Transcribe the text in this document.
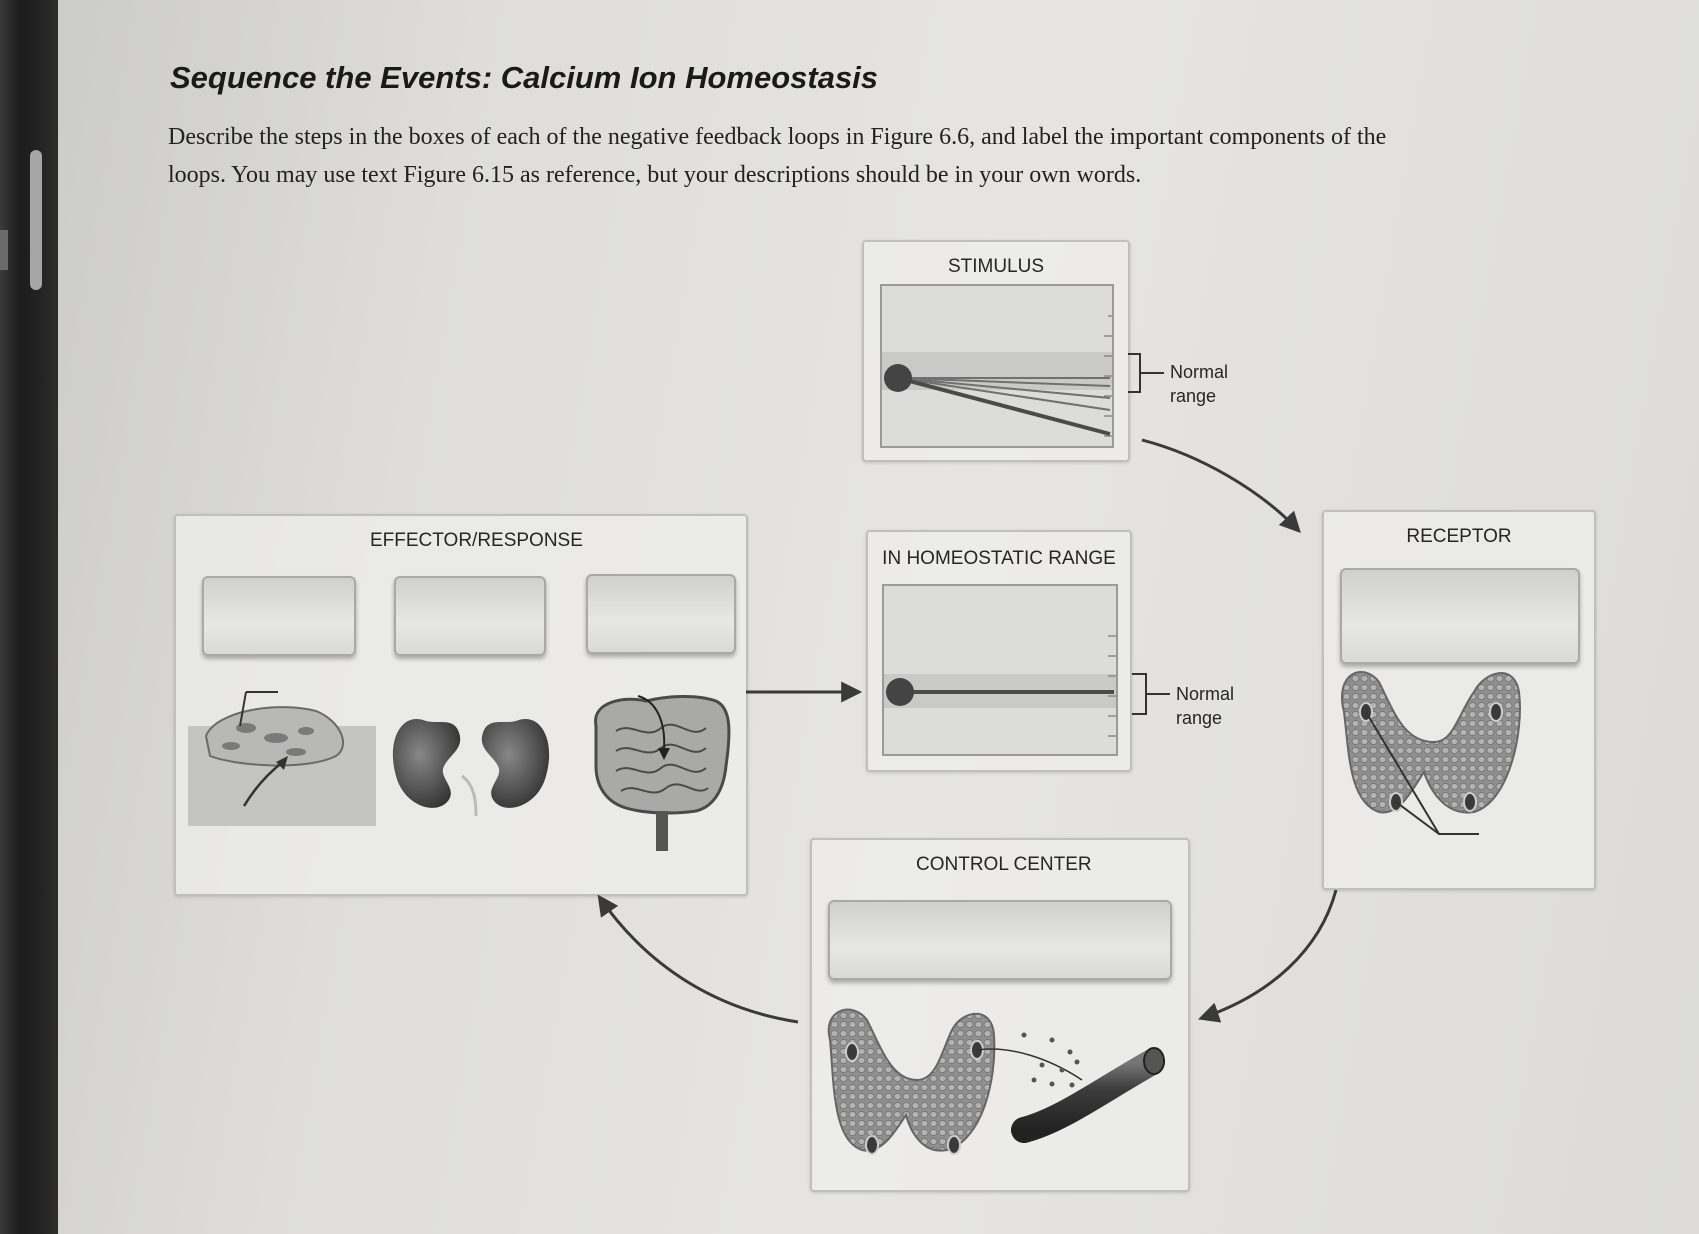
Sequence the Events: Calcium Ion Homeostasis

Describe the steps in the boxes of each of the negative feedback loops in Figure 6.6, and label the important components of the loops. You may use text Figure 6.15 as reference, but your descriptions should be in your own words.

STIMULUS
Normal
range
IN HOMEOSTATIC RANGE
Normal
range
RECEPTOR
CONTROL CENTER
EFFECTOR/RESPONSE
